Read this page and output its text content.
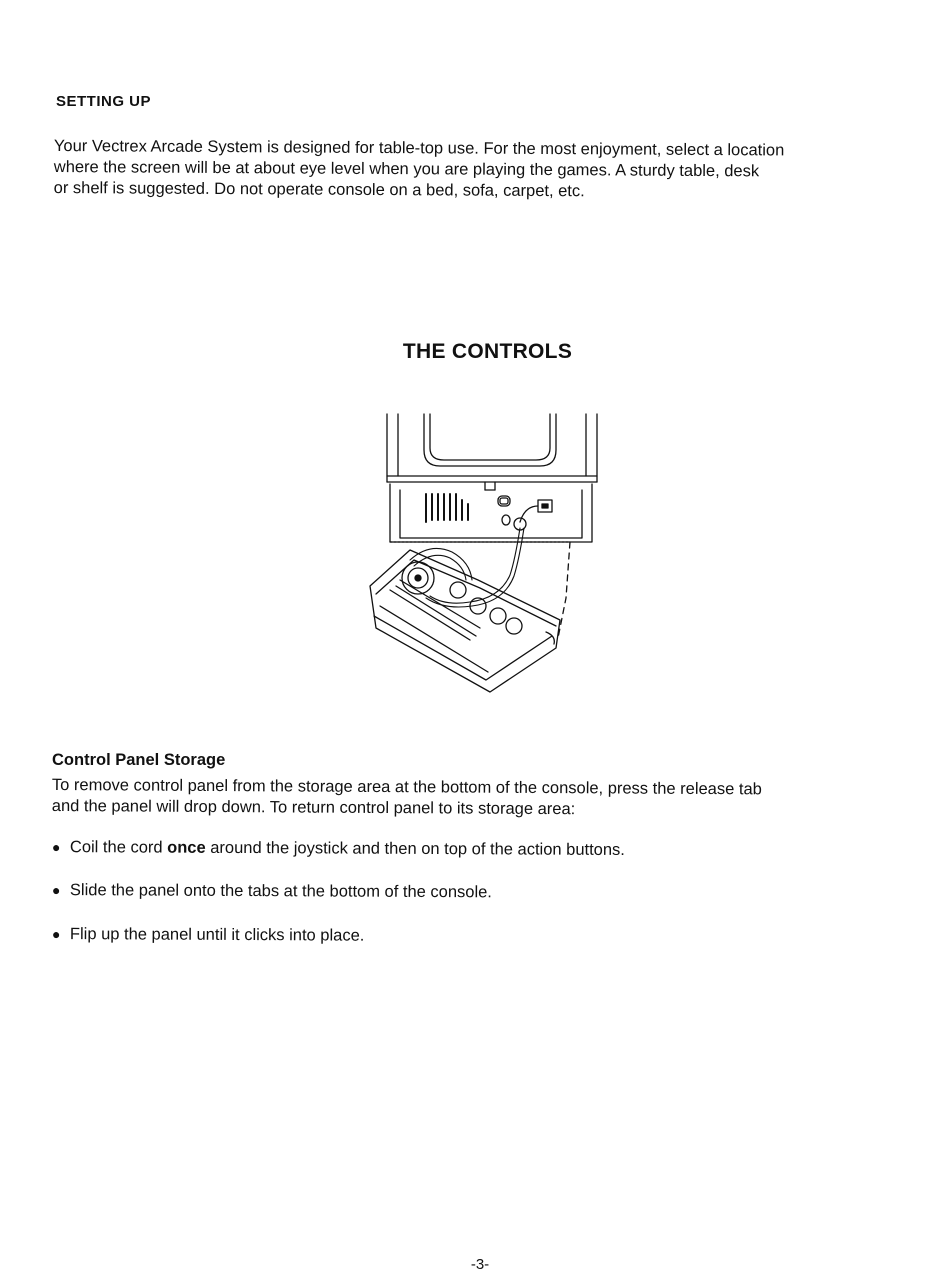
SETTING UP

Your Vectrex Arcade System is designed for table-top use. For the most enjoyment, select a location
where the screen will be at about eye level when you are playing the games. A sturdy table, desk
or shelf is suggested. Do not operate console on a bed, sofa, carpet, etc.

THE CONTROLS
Control Panel Storage

To remove control panel from the storage area at the bottom of the console, press the release tab
and the panel will drop down. To return control panel to its storage area:

● Coil the cord once around the joystick and then on top of the action buttons.
● Slide the panel onto the tabs at the bottom of the console.
● Flip up the panel until it clicks into place.
-3-
